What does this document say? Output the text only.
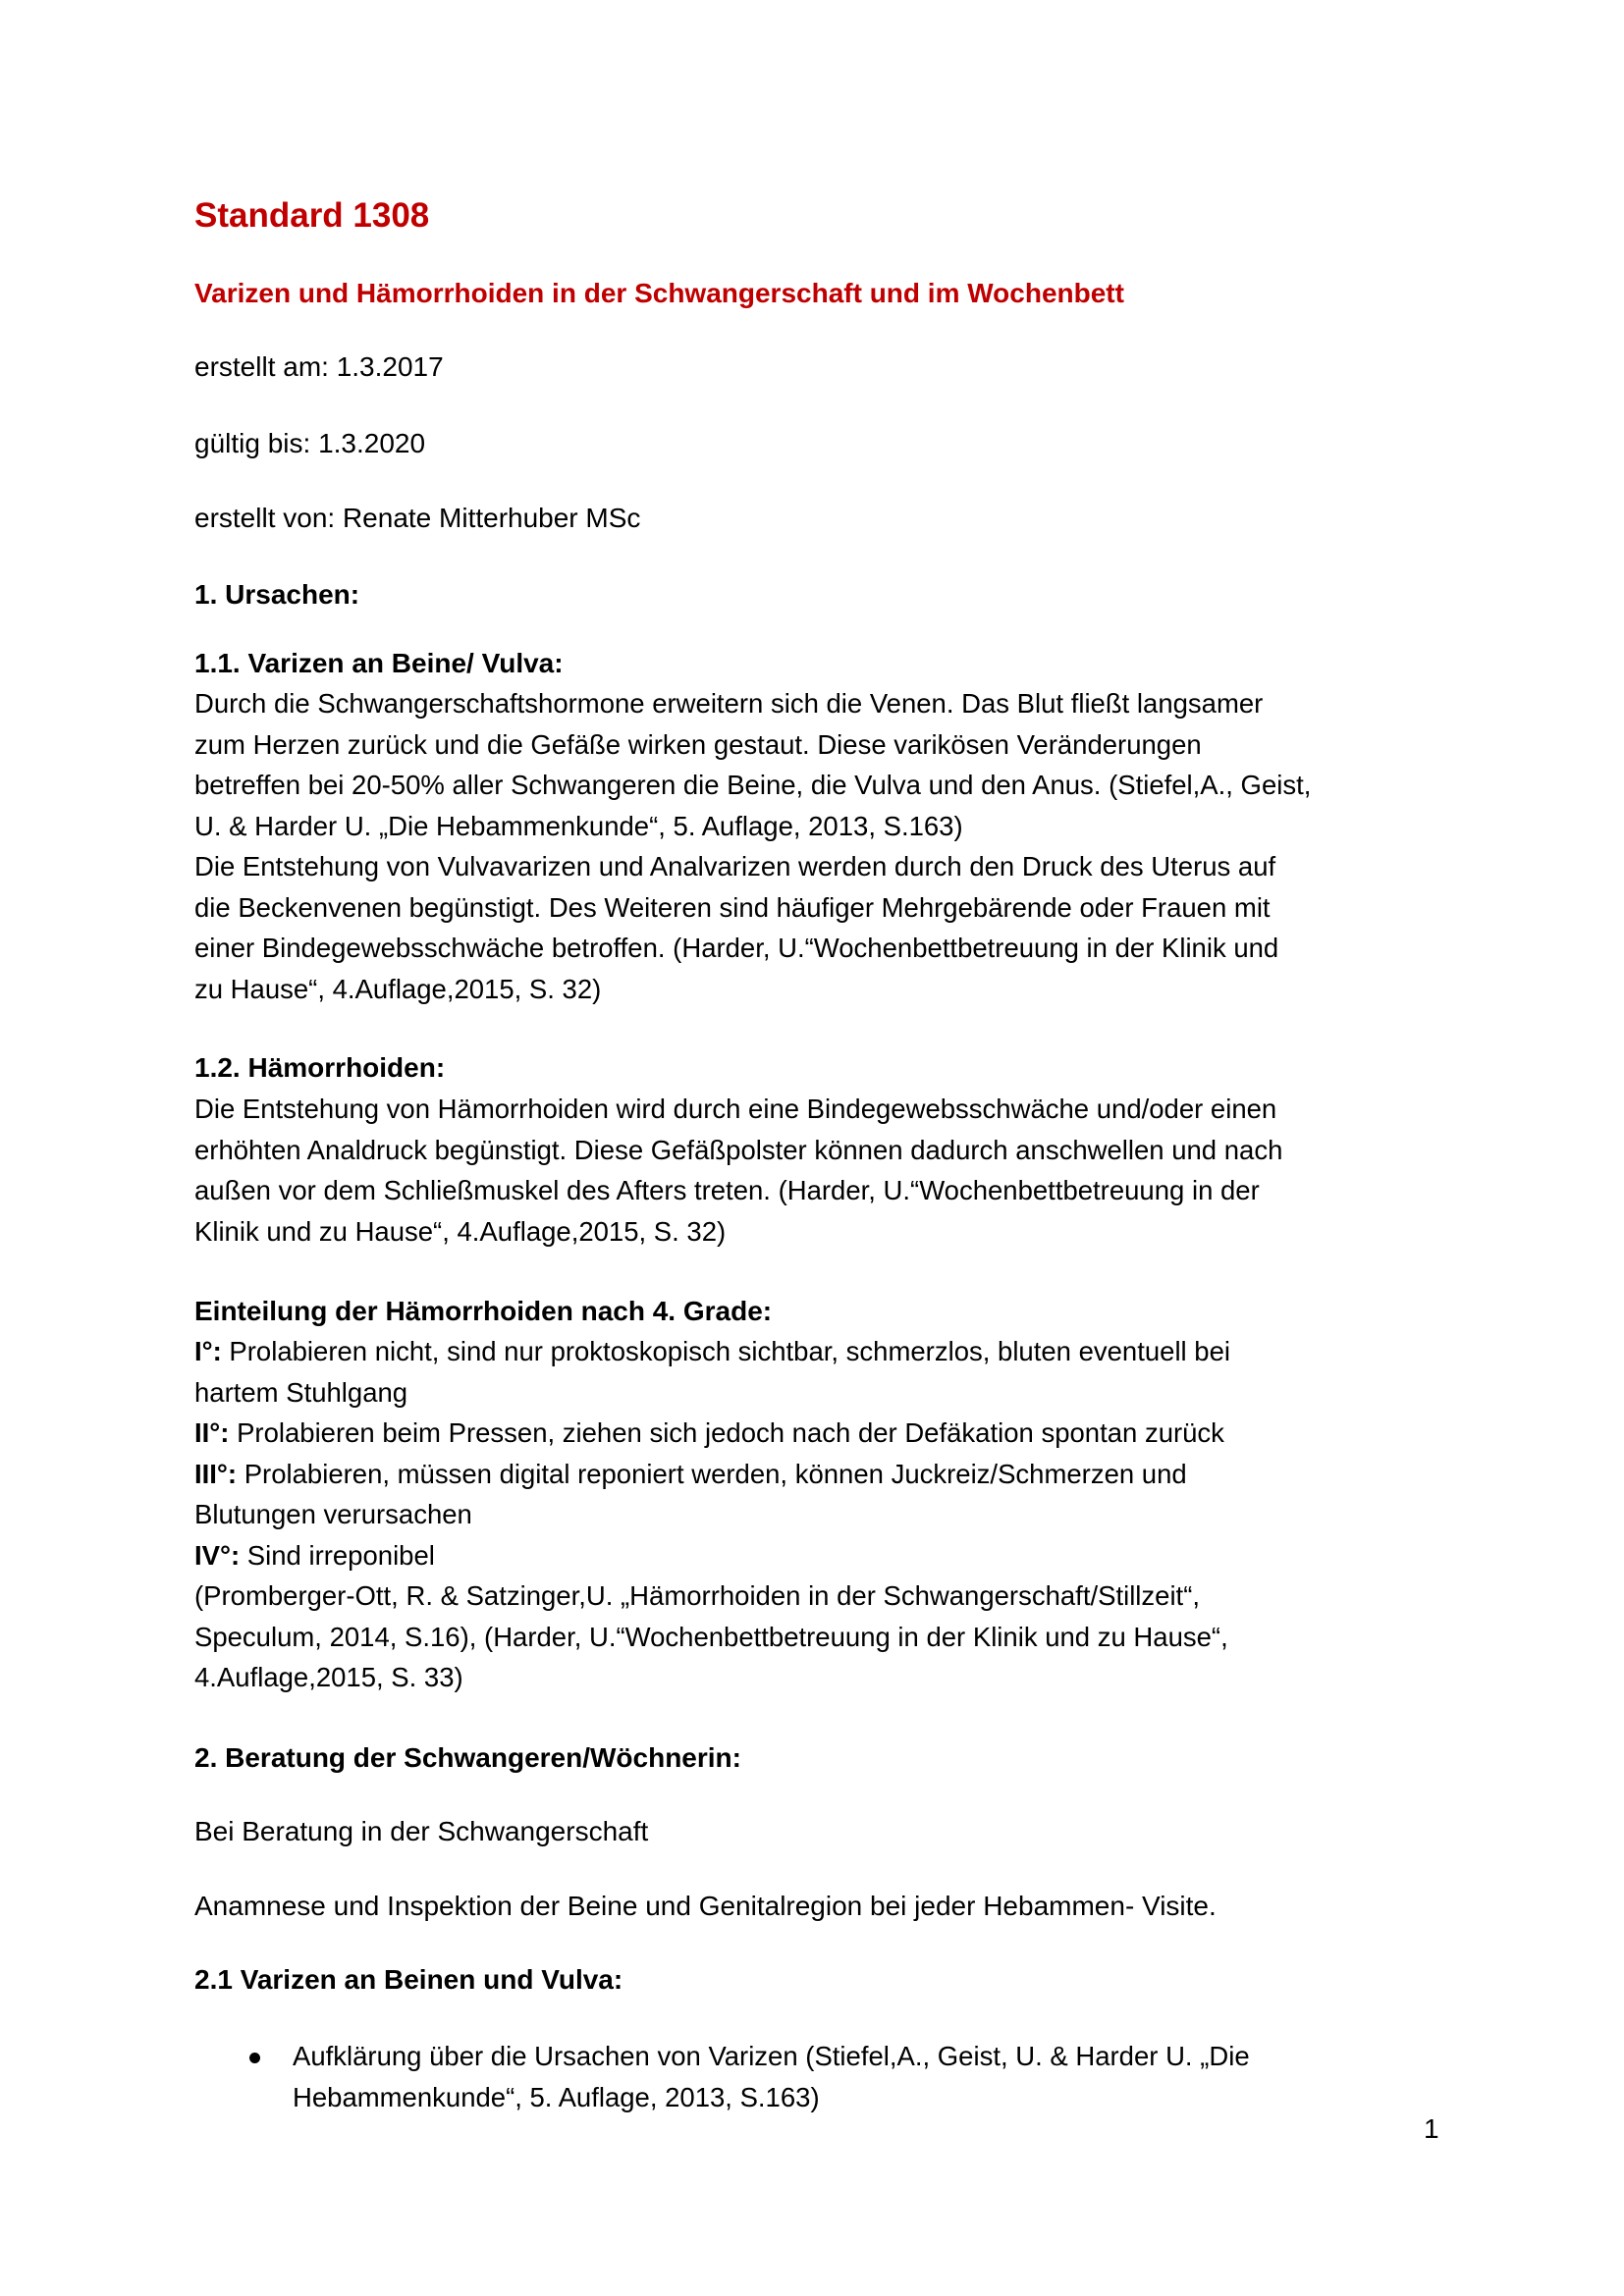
Standard 1308
Varizen und Hämorrhoiden in der Schwangerschaft und im Wochenbett
erstellt am: 1.3.2017
gültig bis: 1.3.2020
erstellt von: Renate Mitterhuber MSc
1. Ursachen:
1.1. Varizen an Beine/ Vulva:
Durch die Schwangerschaftshormone erweitern sich die Venen. Das Blut fließt langsamer
zum Herzen zurück und die Gefäße wirken gestaut. Diese varikösen Veränderungen
betreffen bei 20-50% aller Schwangeren die Beine, die Vulva und den Anus. (Stiefel,A., Geist,
U. & Harder U. „Die Hebammenkunde“, 5. Auflage, 2013, S.163)
Die Entstehung von Vulvavarizen und Analvarizen werden durch den Druck des Uterus auf
die Beckenvenen begünstigt. Des Weiteren sind häufiger Mehrgebärende oder Frauen mit
einer Bindegewebsschwäche betroffen. (Harder, U.“Wochenbettbetreuung in der Klinik und
zu Hause“, 4.Auflage,2015, S. 32)
1.2. Hämorrhoiden:
Die Entstehung von Hämorrhoiden wird durch eine Bindegewebsschwäche und/oder einen
erhöhten Analdruck begünstigt. Diese Gefäßpolster können dadurch anschwellen und nach
außen vor dem Schließmuskel des Afters treten. (Harder, U.“Wochenbettbetreuung in der
Klinik und zu Hause“, 4.Auflage,2015, S. 32)
Einteilung der Hämorrhoiden nach 4. Grade:
I°: Prolabieren nicht, sind nur proktoskopisch sichtbar, schmerzlos, bluten eventuell bei
hartem Stuhlgang
II°: Prolabieren beim Pressen, ziehen sich jedoch nach der Defäkation spontan zurück
III°: Prolabieren, müssen digital reponiert werden, können Juckreiz/Schmerzen und
Blutungen verursachen
IV°: Sind irreponibel
(Promberger-Ott, R. & Satzinger,U. „Hämorrhoiden in der Schwangerschaft/Stillzeit“,
Speculum, 2014, S.16), (Harder, U.“Wochenbettbetreuung in der Klinik und zu Hause“,
4.Auflage,2015, S. 33)
2. Beratung der Schwangeren/Wöchnerin:
Bei Beratung in der Schwangerschaft
Anamnese und Inspektion der Beine und Genitalregion bei jeder Hebammen- Visite.
2.1 Varizen an Beinen und Vulva:
Aufklärung über die Ursachen von Varizen (Stiefel,A., Geist, U. & Harder U. „Die
Hebammenkunde“, 5. Auflage, 2013, S.163)
1
